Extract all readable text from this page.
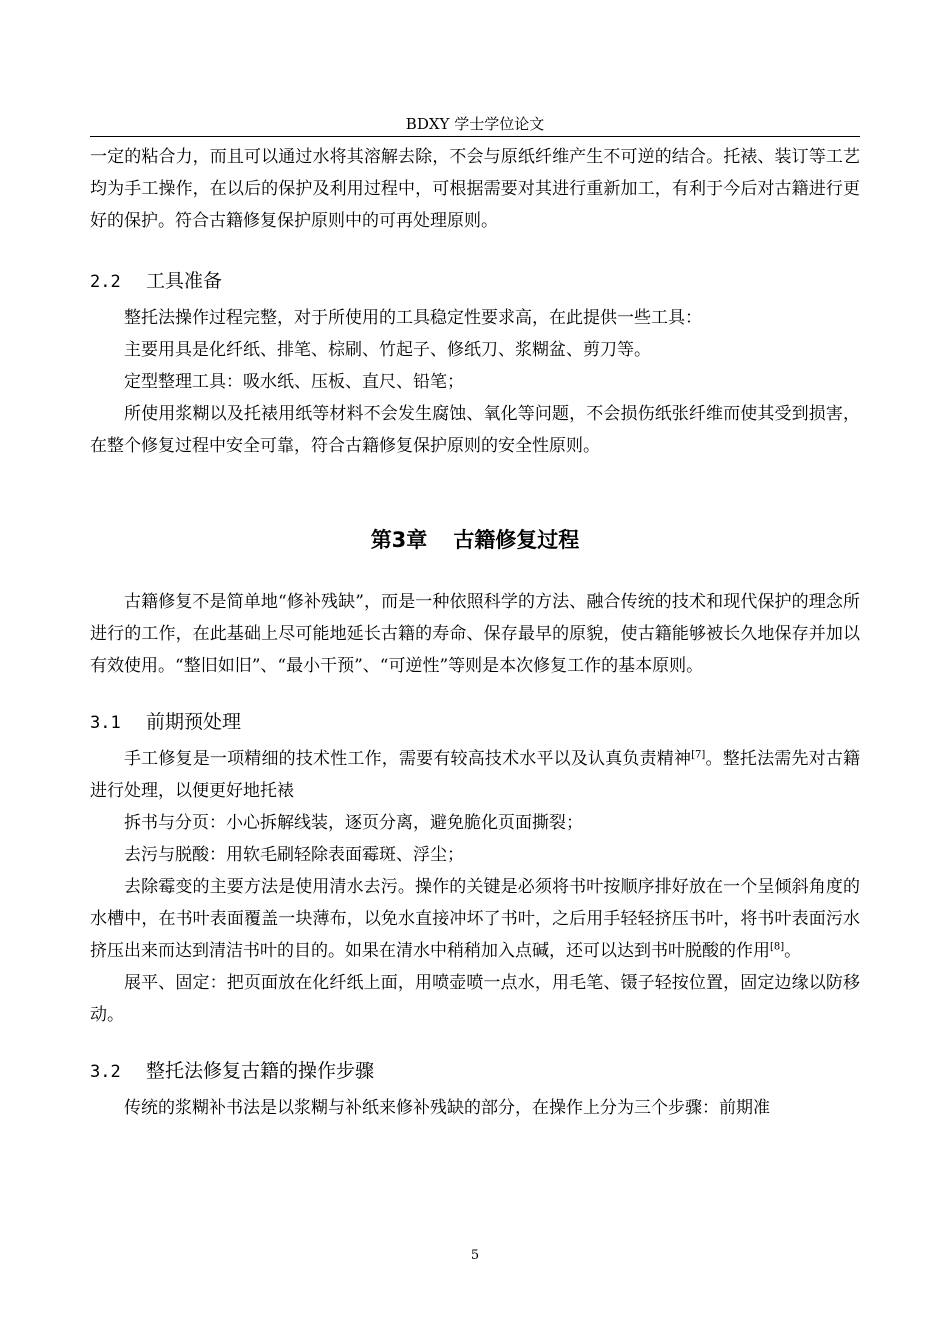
BDXY 学士学位论文

一定的粘合力，而且可以通过水将其溶解去除，不会与原纸纤维产生不可逆的结合。托裱、装订等工艺均为手工操作，在以后的保护及利用过程中，可根据需要对其进行重新加工，有利于今后对古籍进行更好的保护。符合古籍修复保护原则中的可再处理原则。

2.2 工具准备

整托法操作过程完整，对于所使用的工具稳定性要求高，在此提供一些工具：

主要用具是化纤纸、排笔、棕刷、竹起子、修纸刀、浆糊盆、剪刀等。

定型整理工具：吸水纸、压板、直尺、铅笔；

所使用浆糊以及托裱用纸等材料不会发生腐蚀、氧化等问题，不会损伤纸张纤维而使其受到损害，在整个修复过程中安全可靠，符合古籍修复保护原则的安全性原则。

第3章 古籍修复过程

古籍修复不是简单地“修补残缺”，而是一种依照科学的方法、融合传统的技术和现代保护的理念所进行的工作，在此基础上尽可能地延长古籍的寿命、保存最早的原貌，使古籍能够被长久地保存并加以有效使用。“整旧如旧”、“最小干预”、“可逆性”等则是本次修复工作的基本原则。

3.1 前期预处理

手工修复是一项精细的技术性工作，需要有较高技术水平以及认真负责精神[7]。整托法需先对古籍进行处理，以便更好地托裱

拆书与分页：小心拆解线装，逐页分离，避免脆化页面撕裂；

去污与脱酸：用软毛刷轻除表面霉斑、浮尘；

去除霉变的主要方法是使用清水去污。操作的关键是必须将书叶按顺序排好放在一个呈倾斜角度的水槽中，在书叶表面覆盖一块薄布，以免水直接冲坏了书叶，之后用手轻轻挤压书叶，将书叶表面污水挤压出来而达到清洁书叶的目的。如果在清水中稍稍加入点碱，还可以达到书叶脱酸的作用[8]。

展平、固定：把页面放在化纤纸上面，用喷壶喷一点水，用毛笔、镊子轻按位置，固定边缘以防移动。

3.2 整托法修复古籍的操作步骤

传统的浆糊补书法是以浆糊与补纸来修补残缺的部分，在操作上分为三个步骤：前期准

5
